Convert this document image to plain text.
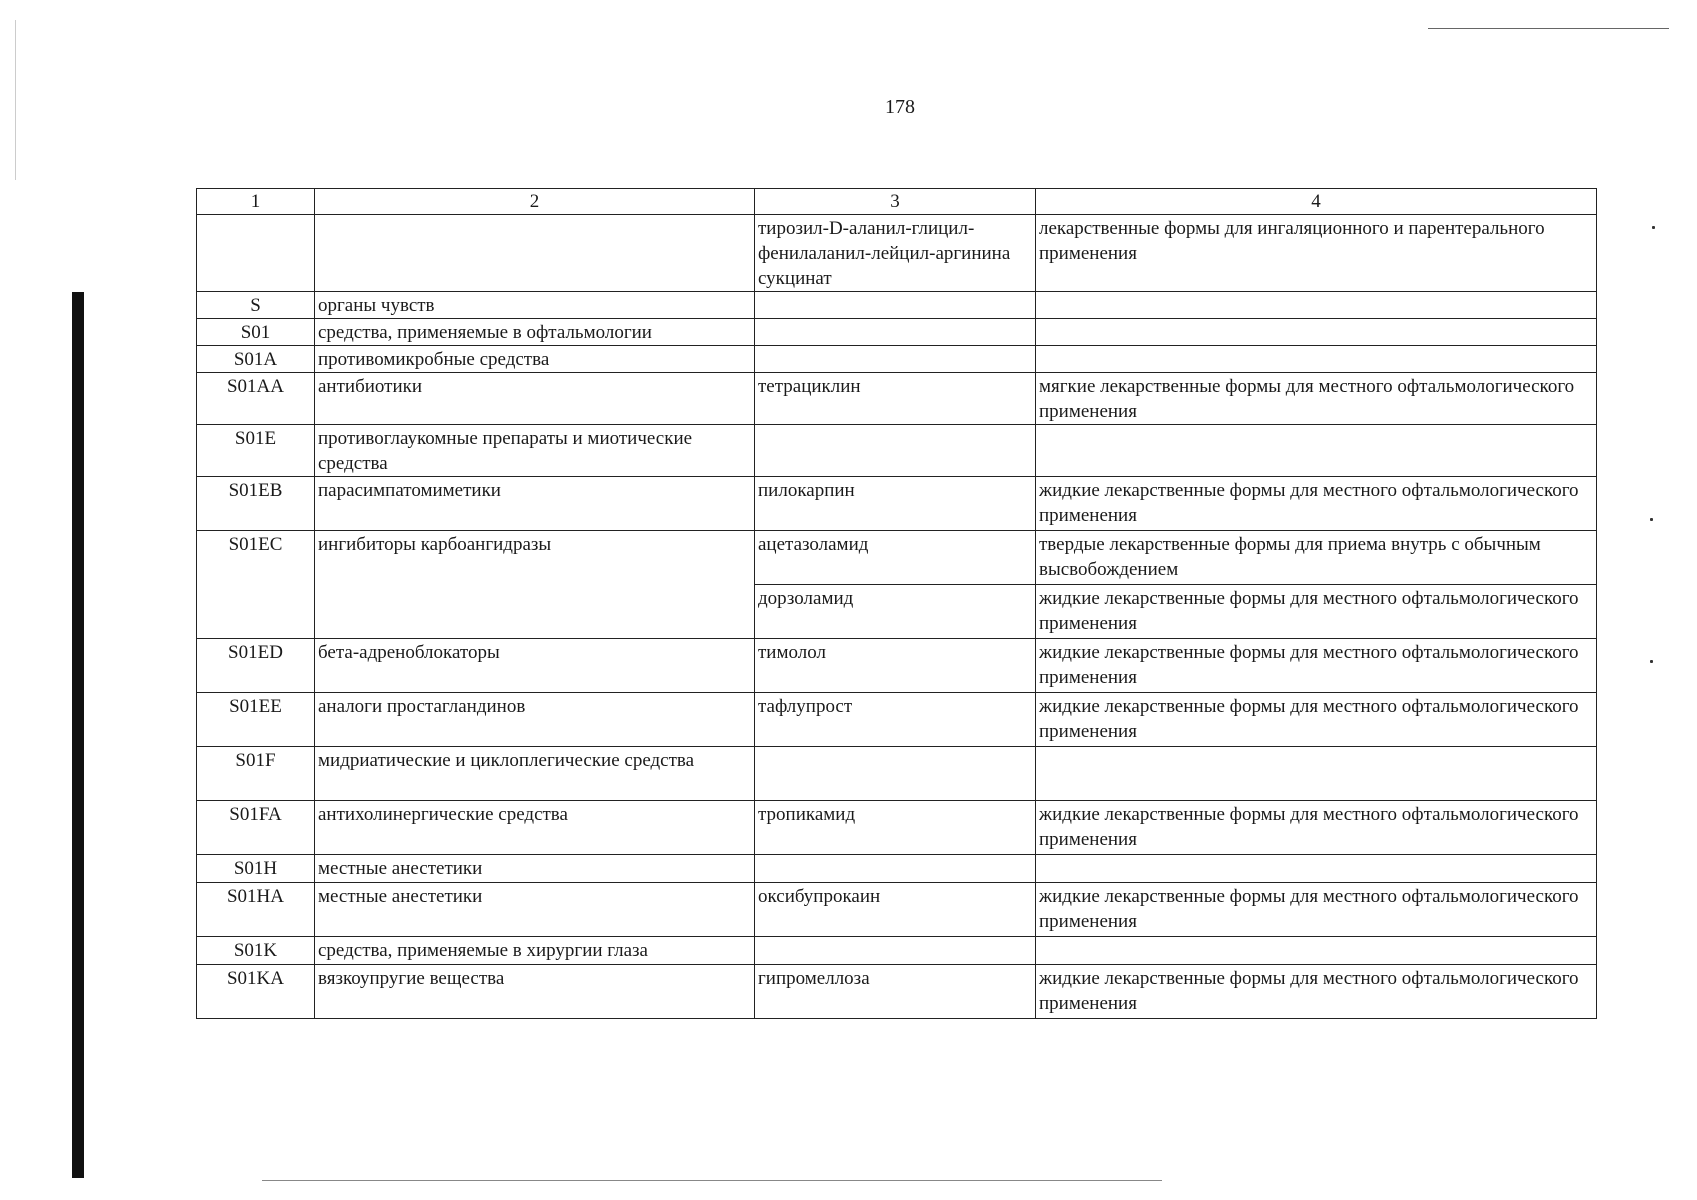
178
1	2	3	4
		тирозил-D-аланил-глицил-фенилаланил-лейцил-аргинина сукцинат	лекарственные формы для ингаляционного и парентерального применения
S	органы чувств		
S01	средства, применяемые в офтальмологии		
S01A	противомикробные средства		
S01AA	антибиотики	тетрациклин	мягкие лекарственные формы для местного офтальмологического применения
S01E	противоглаукомные препараты и миотические средства		
S01EB	парасимпатомиметики	пилокарпин	жидкие лекарственные формы для местного офтальмологического применения
S01EC	ингибиторы карбоангидразы	ацетазоламид	твердые лекарственные формы для приема внутрь с обычным высвобождением
		дорзоламид	жидкие лекарственные формы для местного офтальмологического применения
S01ED	бета-адреноблокаторы	тимолол	жидкие лекарственные формы для местного офтальмологического применения
S01EE	аналоги простагландинов	тафлупрост	жидкие лекарственные формы для местного офтальмологического применения
S01F	мидриатические и циклоплегические средства		
S01FA	антихолинергические средства	тропикамид	жидкие лекарственные формы для местного офтальмологического применения
S01H	местные анестетики		
S01HA	местные анестетики	оксибупрокаин	жидкие лекарственные формы для местного офтальмологического применения
S01K	средства, применяемые в хирургии глаза		
S01KA	вязкоупругие вещества	гипромеллоза	жидкие лекарственные формы для местного офтальмологического применения
